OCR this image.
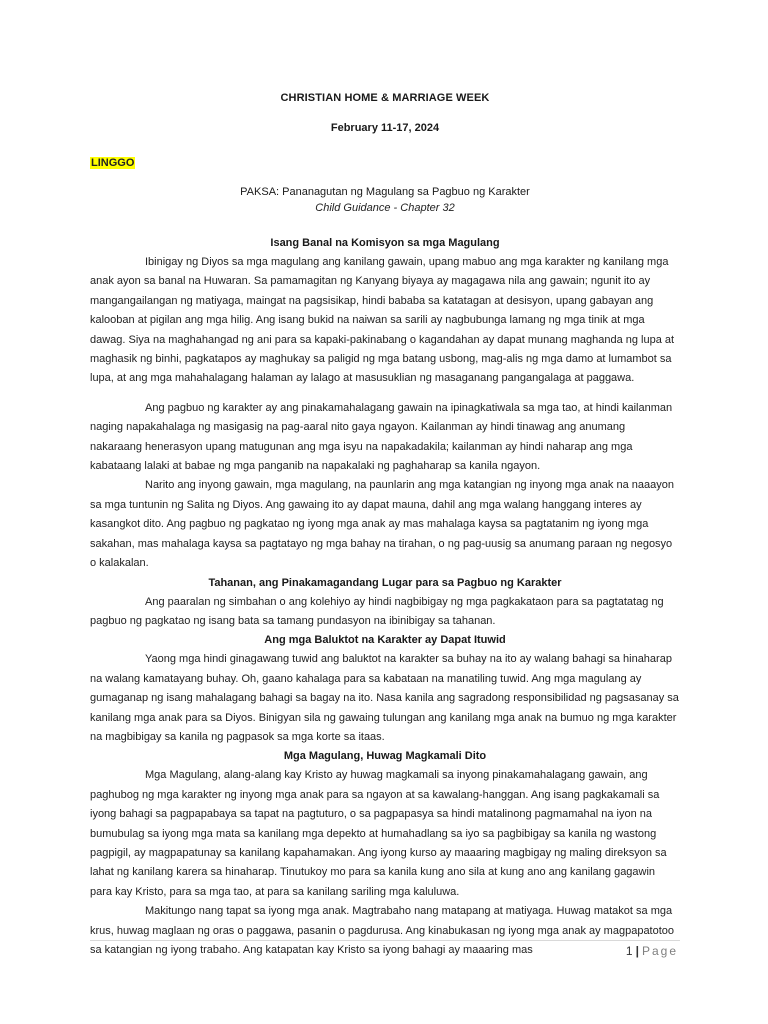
CHRISTIAN HOME & MARRIAGE WEEK
February 11-17, 2024
LINGGO
PAKSA: Pananagutan ng Magulang sa Pagbuo ng Karakter
Child Guidance - Chapter 32
Isang Banal na Komisyon sa mga Magulang

Ibinigay ng Diyos sa mga magulang ang kanilang gawain, upang mabuo ang mga karakter ng kanilang mga anak ayon sa banal na Huwaran. Sa pamamagitan ng Kanyang biyaya ay magagawa nila ang gawain; ngunit ito ay mangangailangan ng matiyaga, maingat na pagsisikap, hindi bababa sa katatagan at desisyon, upang gabayan ang kalooban at pigilan ang mga hilig. Ang isang bukid na naiwan sa sarili ay nagbubunga lamang ng mga tinik at mga dawag. Siya na maghahangad ng ani para sa kapaki-pakinabang o kagandahan ay dapat munang maghanda ng lupa at maghasik ng binhi, pagkatapos ay maghukay sa paligid ng mga batang usbong, mag-alis ng mga damo at lumambot sa lupa, at ang mga mahahalagang halaman ay lalago at masusuklian ng masaganang pangangalaga at paggawa.

Ang pagbuo ng karakter ay ang pinakamahalagang gawain na ipinagkatiwala sa mga tao, at hindi kailanman naging napakahalaga ng masigasig na pag-aaral nito gaya ngayon. Kailanman ay hindi tinawag ang anumang nakaraang henerasyon upang matugunan ang mga isyu na napakadakila; kailanman ay hindi naharap ang mga kabataang lalaki at babae ng mga panganib na napakalaki ng paghaharap sa kanila ngayon.

Narito ang inyong gawain, mga magulang, na paunlarin ang mga katangian ng inyong mga anak na naaayon sa mga tuntunin ng Salita ng Diyos. Ang gawaing ito ay dapat mauna, dahil ang mga walang hanggang interes ay kasangkot dito. Ang pagbuo ng pagkatao ng iyong mga anak ay mas mahalaga kaysa sa pagtatanim ng iyong mga sakahan, mas mahalaga kaysa sa pagtatayo ng mga bahay na tirahan, o ng pag-uusig sa anumang paraan ng negosyo o kalakalan.

Tahanan, ang Pinakamagandang Lugar para sa Pagbuo ng Karakter

Ang paaralan ng simbahan o ang kolehiyo ay hindi nagbibigay ng mga pagkakataon para sa pagtatatag ng pagbuo ng pagkatao ng isang bata sa tamang pundasyon na ibinibigay sa tahanan.

Ang mga Baluktot na Karakter ay Dapat Ituwid

Yaong mga hindi ginagawang tuwid ang baluktot na karakter sa buhay na ito ay walang bahagi sa hinaharap na walang kamatayang buhay. Oh, gaano kahalaga para sa kabataan na manatiling tuwid. Ang mga magulang ay gumaganap ng isang mahalagang bahagi sa bagay na ito. Nasa kanila ang sagradong responsibilidad ng pagsasanay sa kanilang mga anak para sa Diyos. Binigyan sila ng gawaing tulungan ang kanilang mga anak na bumuo ng mga karakter na magbibigay sa kanila ng pagpasok sa mga korte sa itaas.

Mga Magulang, Huwag Magkamali Dito

Mga Magulang, alang-alang kay Kristo ay huwag magkamali sa inyong pinakamahalagang gawain, ang paghubog ng mga karakter ng inyong mga anak para sa ngayon at sa kawalang-hanggan. Ang isang pagkakamali sa iyong bahagi sa pagpapabaya sa tapat na pagtuturo, o sa pagpapasya sa hindi matalinong pagmamahal na iyon na bumubulag sa iyong mga mata sa kanilang mga depekto at humahadlang sa iyo sa pagbibigay sa kanila ng wastong pagpigil, ay magpapatunay sa kanilang kapahamakan. Ang iyong kurso ay maaaring magbigay ng maling direksyon sa lahat ng kanilang karera sa hinaharap. Tinutukoy mo para sa kanila kung ano sila at kung ano ang kanilang gagawin para kay Kristo, para sa mga tao, at para sa kanilang sariling mga kaluluwa.

Makitungo nang tapat sa iyong mga anak. Magtrabaho nang matapang at matiyaga. Huwag matakot sa mga krus, huwag maglaan ng oras o paggawa, pasanin o pagdurusa. Ang kinabukasan ng iyong mga anak ay magpapatotoo sa katangian ng iyong trabaho. Ang katapatan kay Kristo sa iyong bahagi ay maaaring mas	1 | Page
